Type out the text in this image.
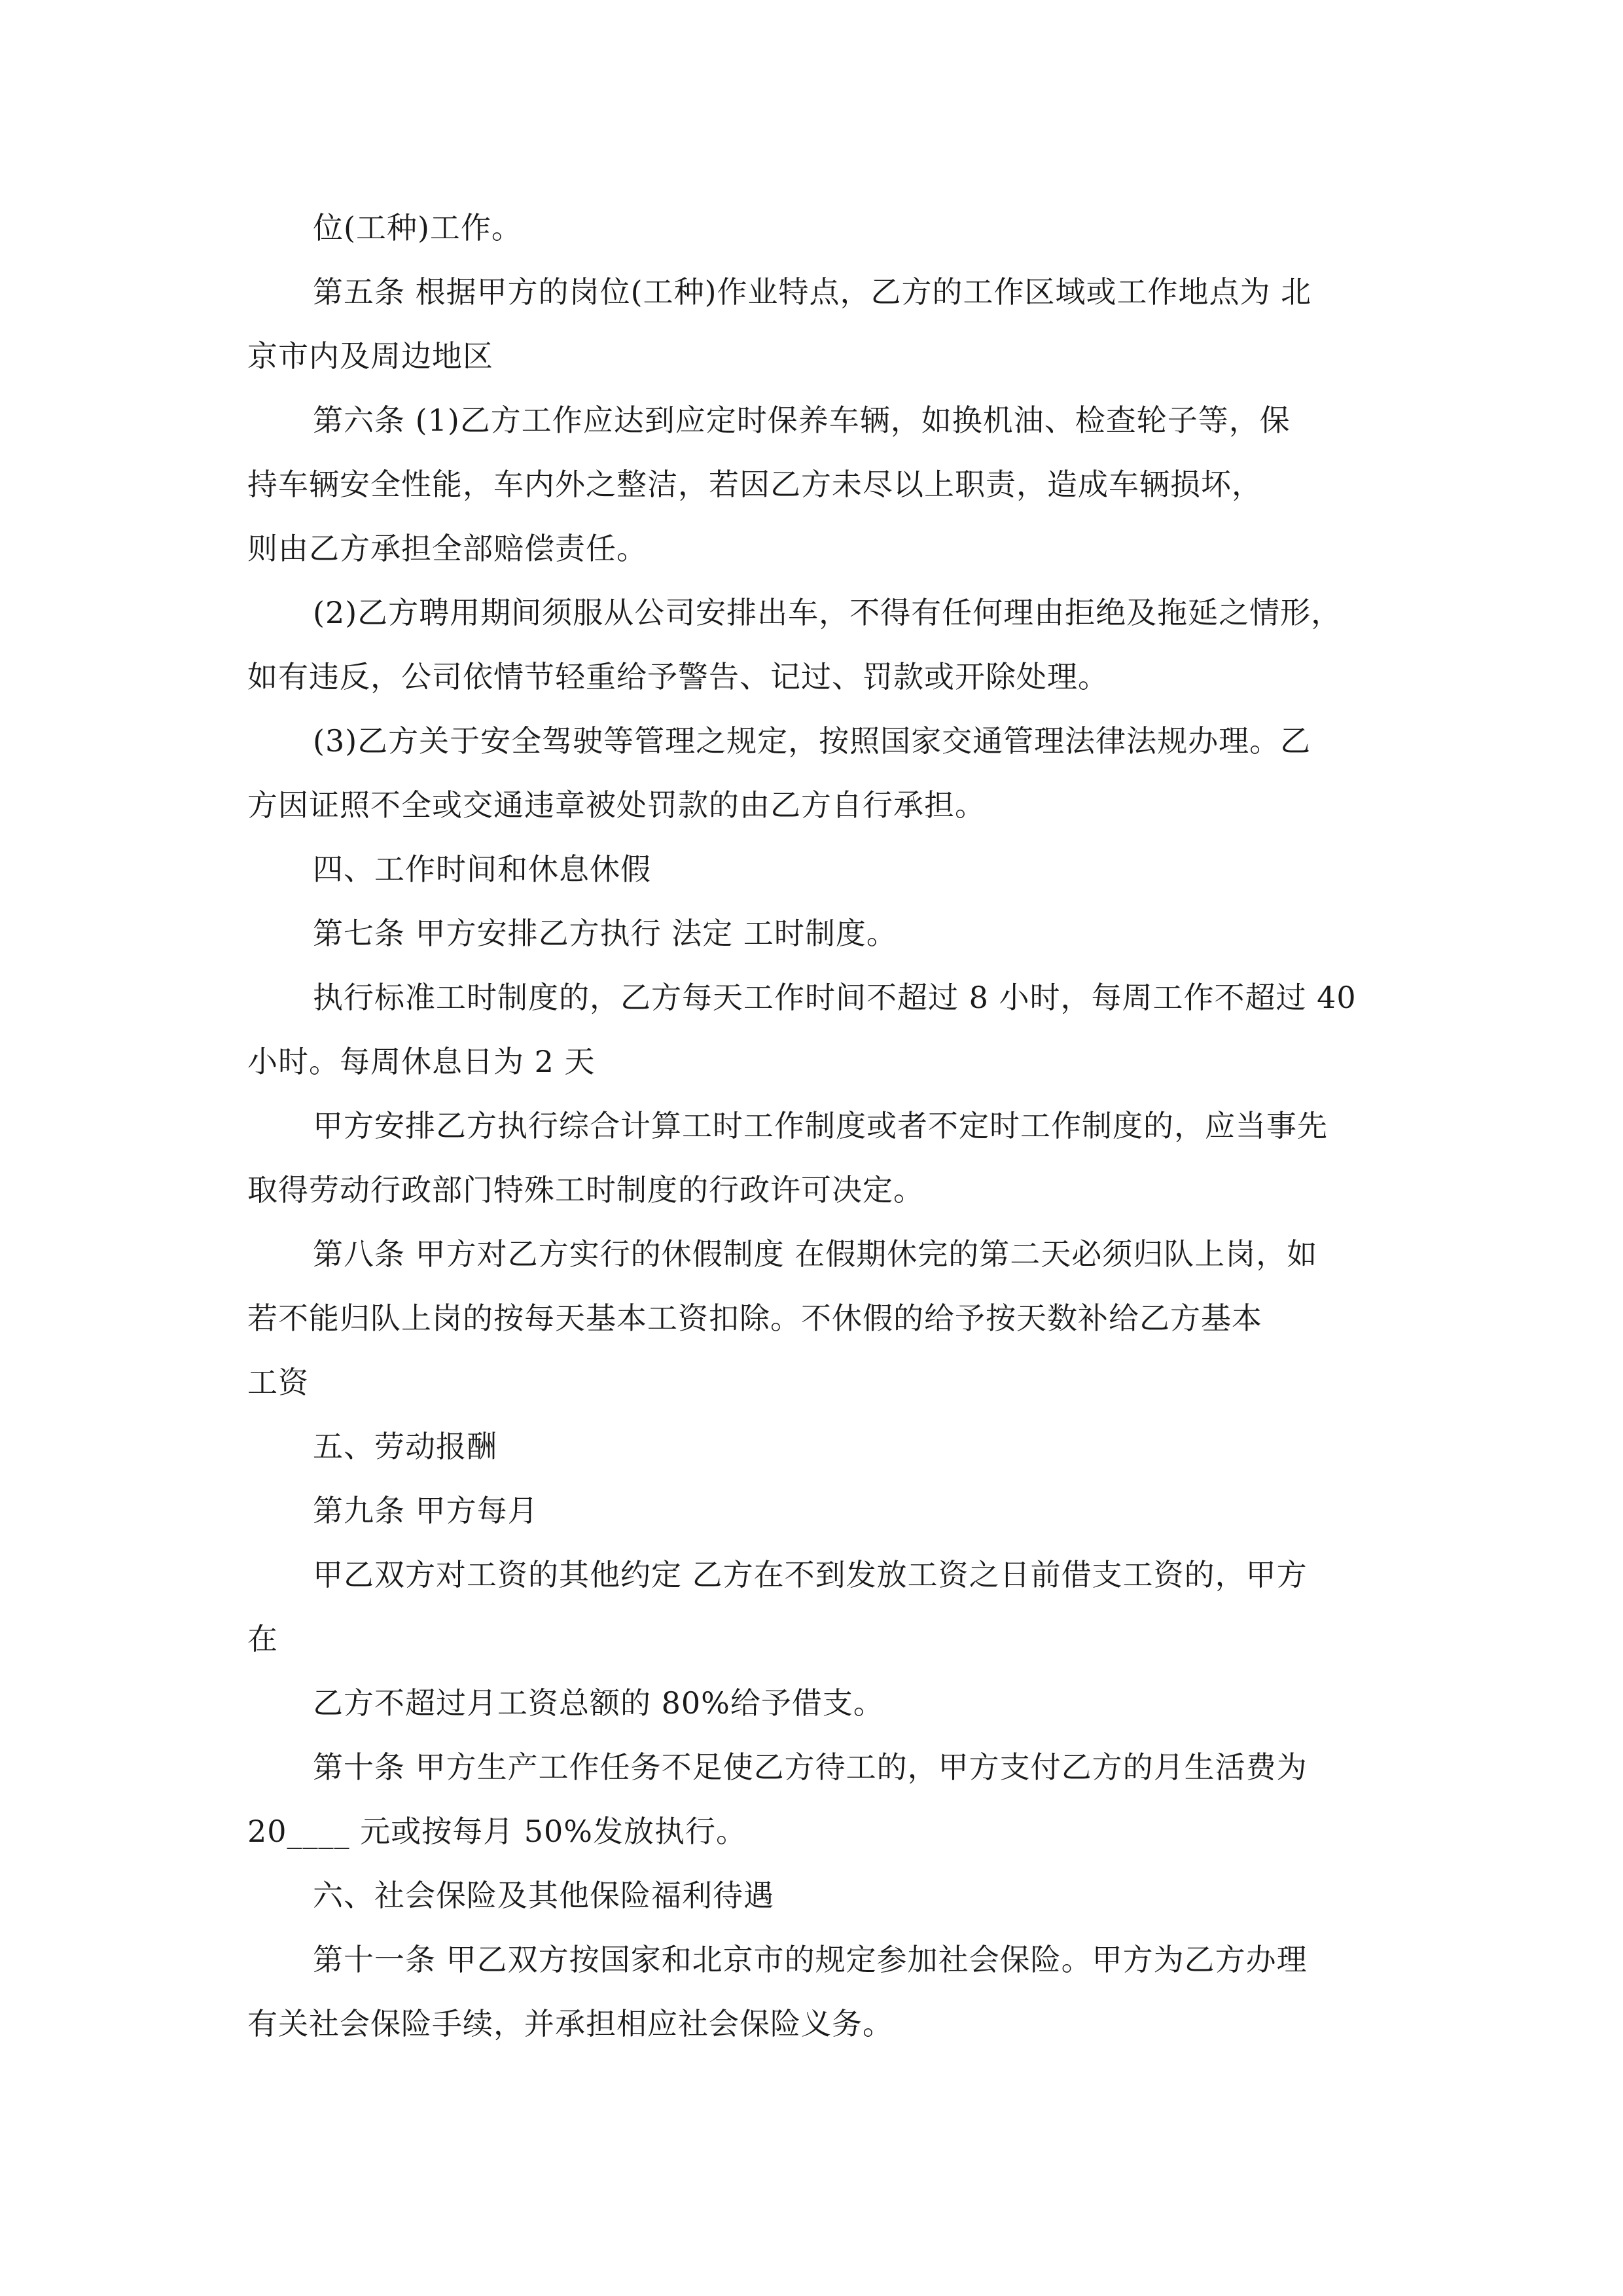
位(工种)工作。
第五条 根据甲方的岗位(工种)作业特点，乙方的工作区域或工作地点为 北
京市内及周边地区
第六条 (1)乙方工作应达到应定时保养车辆，如换机油、检查轮子等，保
持车辆安全性能，车内外之整洁，若因乙方未尽以上职责，造成车辆损坏，
则由乙方承担全部赔偿责任。
(2)乙方聘用期间须服从公司安排出车，不得有任何理由拒绝及拖延之情形，
如有违反，公司依情节轻重给予警告、记过、罚款或开除处理。
(3)乙方关于安全驾驶等管理之规定，按照国家交通管理法律法规办理。乙
方因证照不全或交通违章被处罚款的由乙方自行承担。
四、工作时间和休息休假
第七条 甲方安排乙方执行 法定 工时制度。
执行标准工时制度的，乙方每天工作时间不超过 8 小时，每周工作不超过 40
小时。每周休息日为 2 天
甲方安排乙方执行综合计算工时工作制度或者不定时工作制度的，应当事先
取得劳动行政部门特殊工时制度的行政许可决定。
第八条 甲方对乙方实行的休假制度 在假期休完的第二天必须归队上岗，如
若不能归队上岗的按每天基本工资扣除。不休假的给予按天数补给乙方基本
工资
五、劳动报酬
第九条 甲方每月
甲乙双方对工资的其他约定 乙方在不到发放工资之日前借支工资的，甲方
在
乙方不超过月工资总额的 80%给予借支。
第十条 甲方生产工作任务不足使乙方待工的，甲方支付乙方的月生活费为
20____ 元或按每月 50%发放执行。
六、社会保险及其他保险福利待遇
第十一条 甲乙双方按国家和北京市的规定参加社会保险。甲方为乙方办理
有关社会保险手续，并承担相应社会保险义务。
